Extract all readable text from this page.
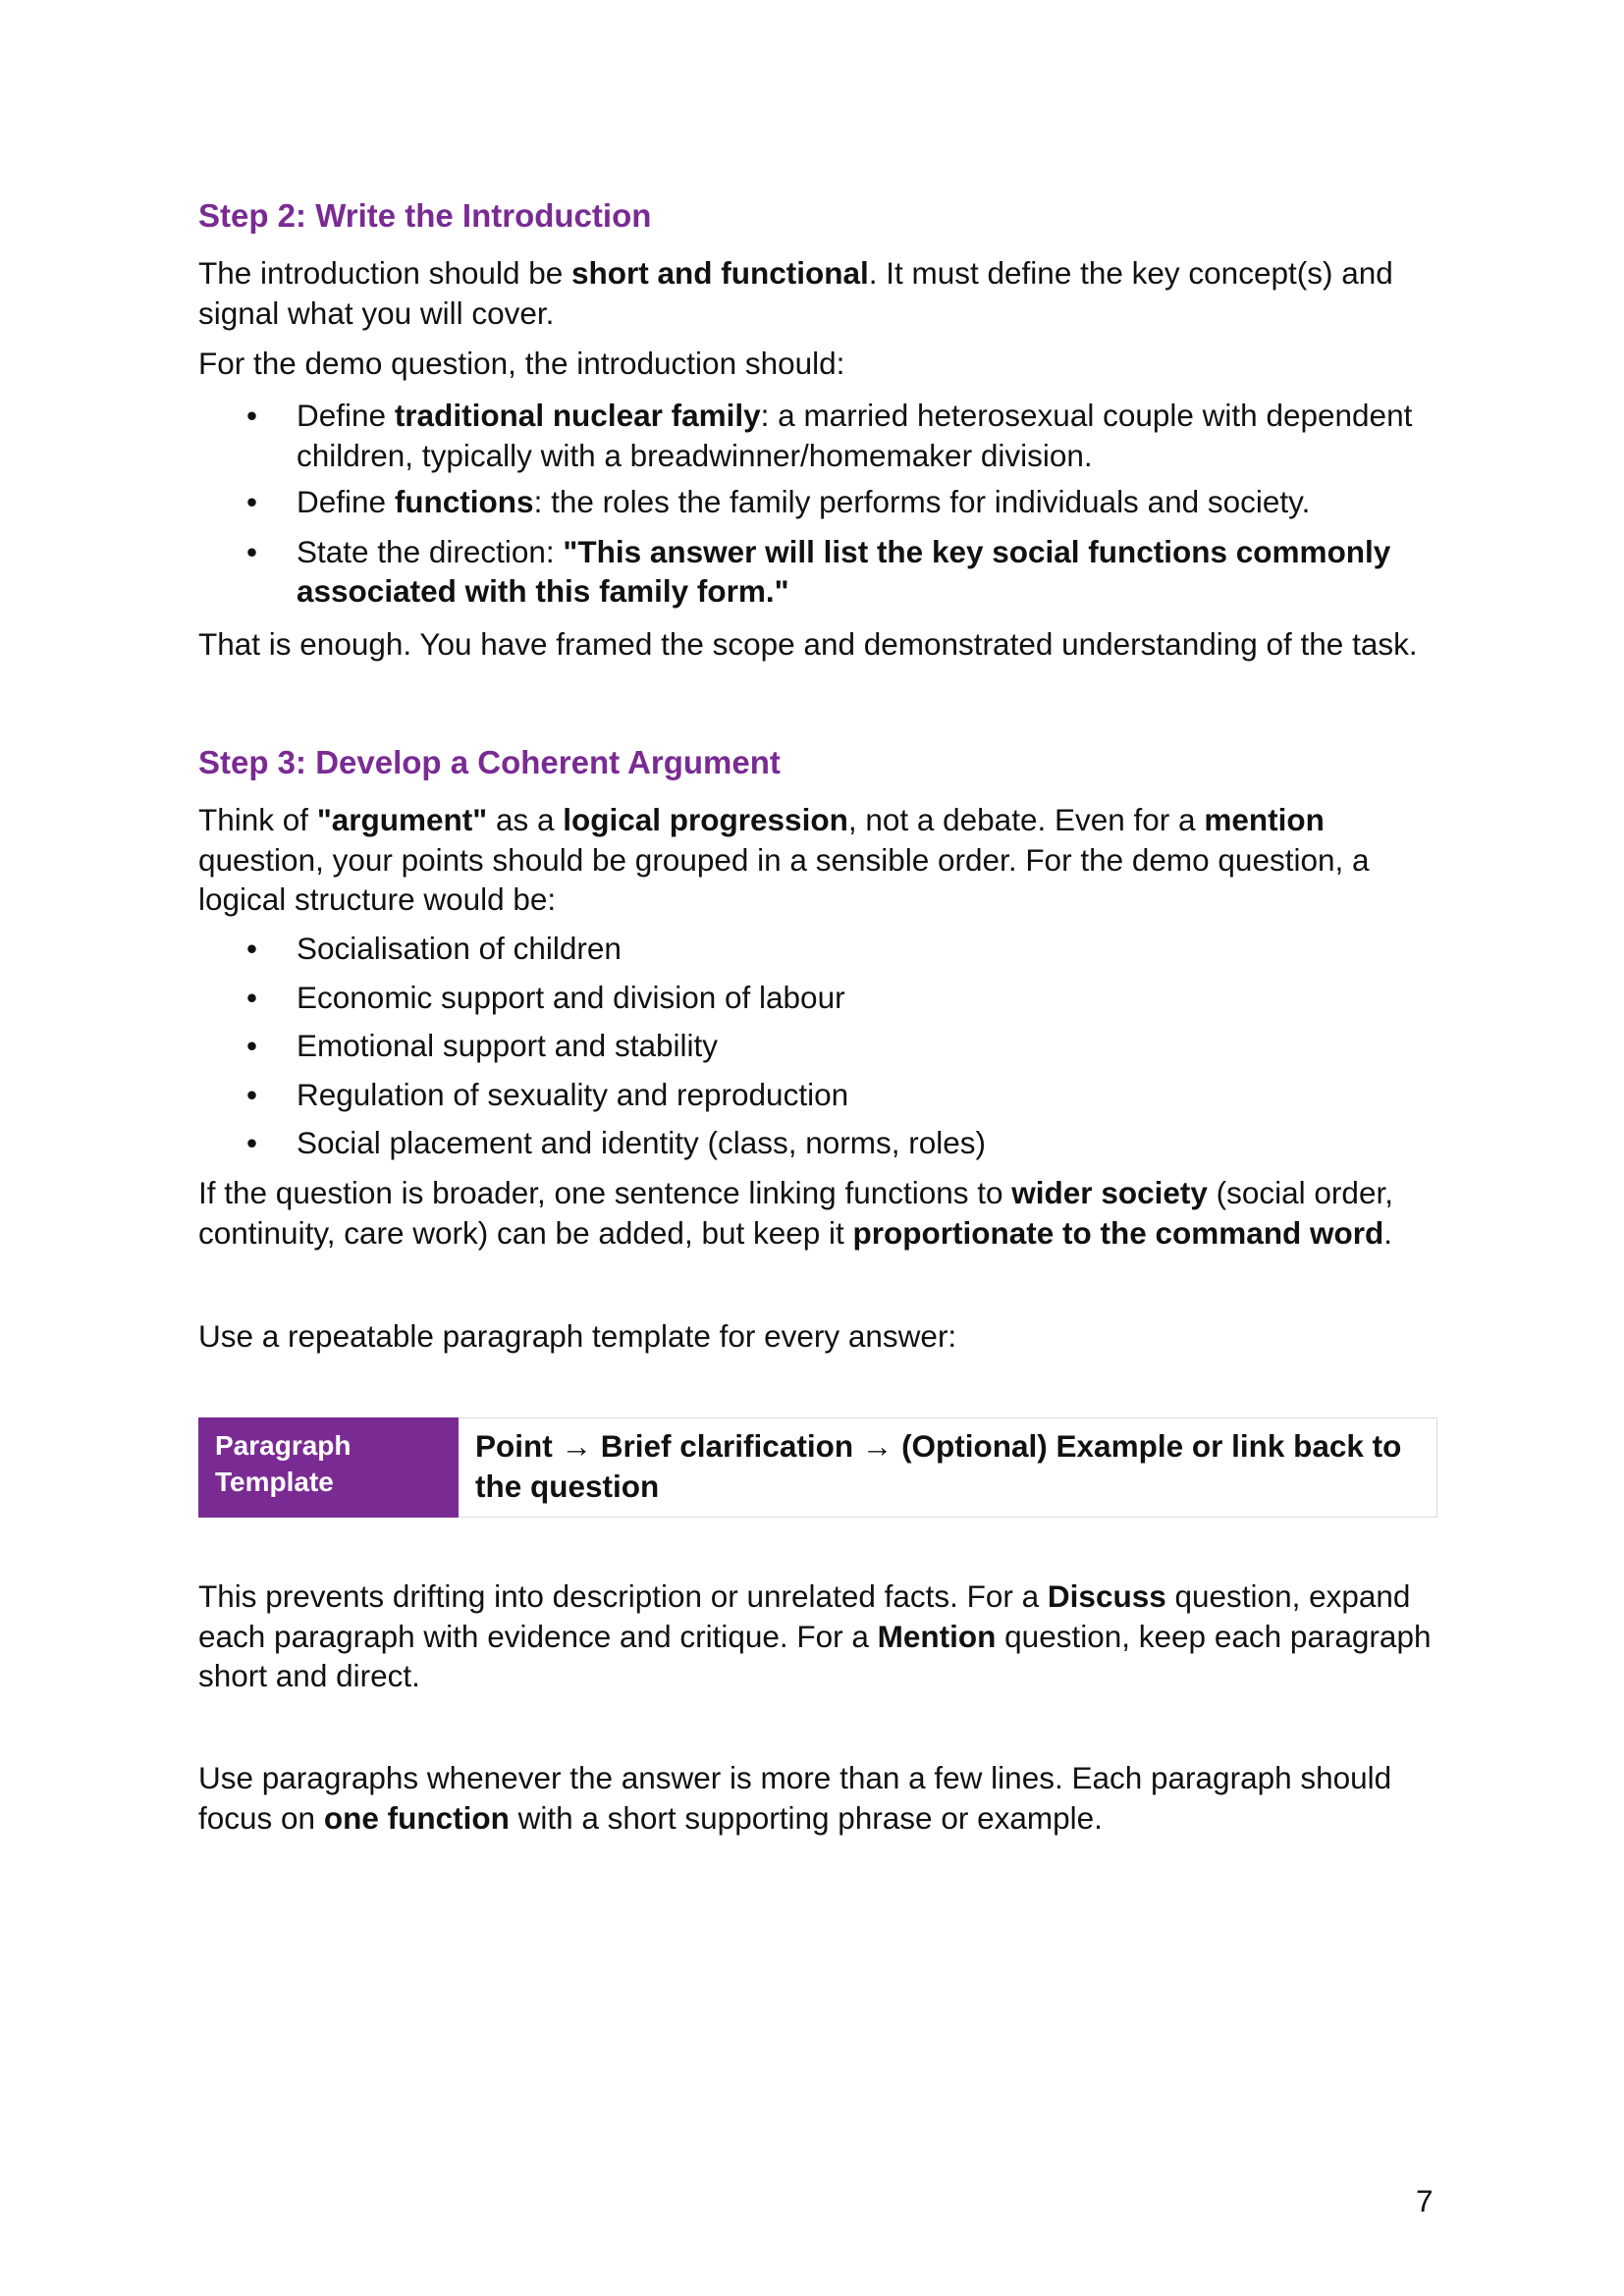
Step 2: Write the Introduction

The introduction should be short and functional. It must define the key concept(s) and signal what you will cover.

For the demo question, the introduction should:

• Define traditional nuclear family: a married heterosexual couple with dependent children, typically with a breadwinner/homemaker division.
• Define functions: the roles the family performs for individuals and society.
• State the direction: "This answer will list the key social functions commonly associated with this family form."

That is enough. You have framed the scope and demonstrated understanding of the task.

Step 3: Develop a Coherent Argument

Think of "argument" as a logical progression, not a debate. Even for a mention question, your points should be grouped in a sensible order. For the demo question, a logical structure would be:

• Socialisation of children
• Economic support and division of labour
• Emotional support and stability
• Regulation of sexuality and reproduction
• Social placement and identity (class, norms, roles)

If the question is broader, one sentence linking functions to wider society (social order, continuity, care work) can be added, but keep it proportionate to the command word.

Use a repeatable paragraph template for every answer:

Paragraph Template
Point → Brief clarification → (Optional) Example or link back to the question

This prevents drifting into description or unrelated facts. For a Discuss question, expand each paragraph with evidence and critique. For a Mention question, keep each paragraph short and direct.

Use paragraphs whenever the answer is more than a few lines. Each paragraph should focus on one function with a short supporting phrase or example.

7
